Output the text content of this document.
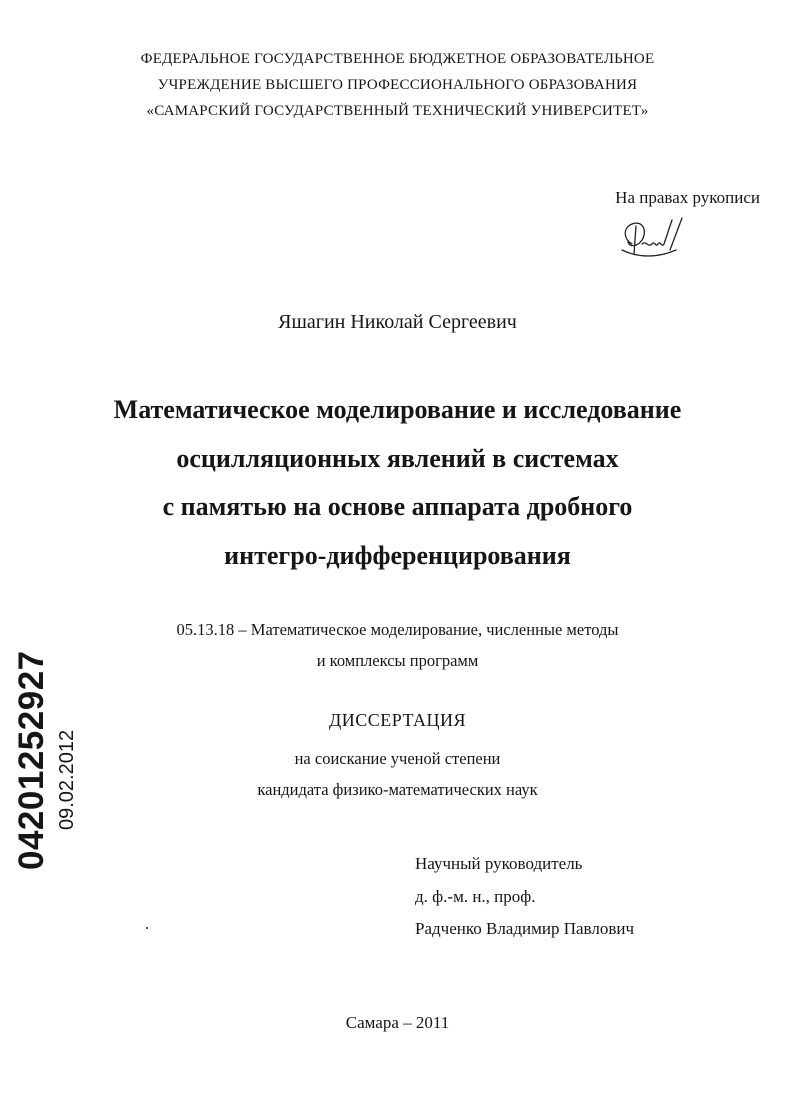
ФЕДЕРАЛЬНОЕ ГОСУДАРСТВЕННОЕ БЮДЖЕТНОЕ ОБРАЗОВАТЕЛЬНОЕ
УЧРЕЖДЕНИЕ ВЫСШЕГО ПРОФЕССИОНАЛЬНОГО ОБРАЗОВАНИЯ
«САМАРСКИЙ ГОСУДАРСТВЕННЫЙ ТЕХНИЧЕСКИЙ УНИВЕРСИТЕТ»
На правах рукописи
Яшагин Николай Сергеевич
Математическое моделирование и исследование
осцилляционных явлений в системах
с памятью на основе аппарата дробного
интегро-дифференцирования
05.13.18 – Математическое моделирование, численные методы
и комплексы программ
ДИССЕРТАЦИЯ
на соискание ученой степени
кандидата физико-математических наук
Научный руководитель
д. ф.-м. н., проф.
Радченко Владимир Павлович
Самара – 2011
04201252927 09.02.2012
